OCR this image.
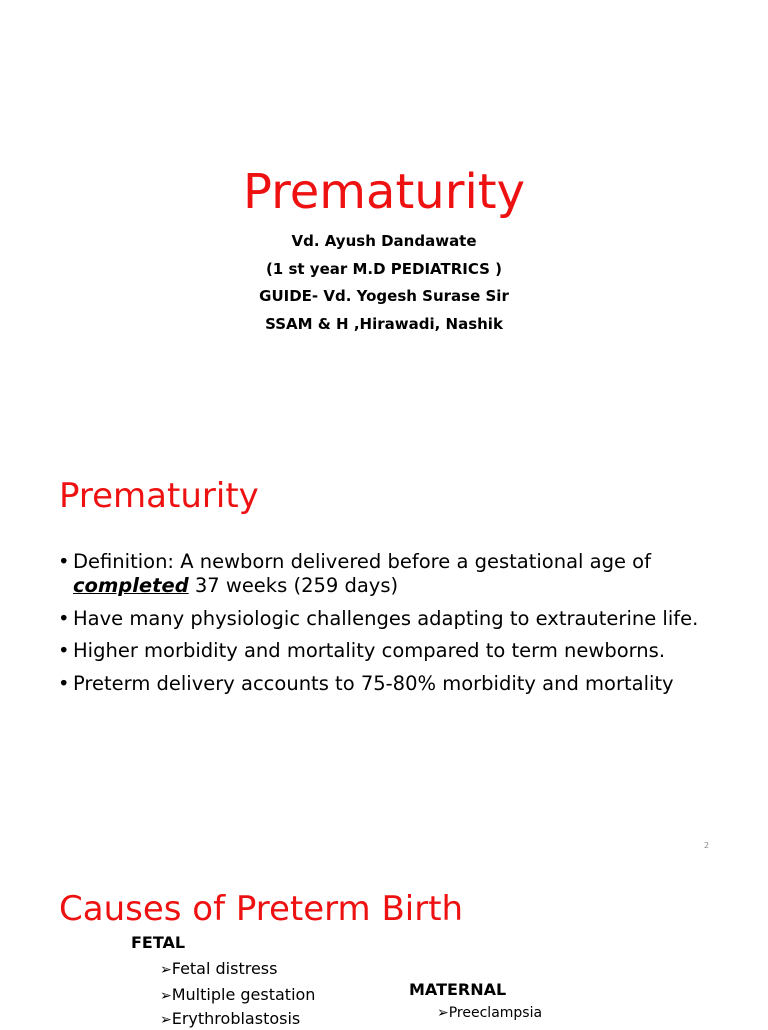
Prematurity
Vd. Ayush Dandawate
(1 st year M.D PEDIATRICS )
GUIDE- Vd. Yogesh Surase Sir
SSAM & H ,Hirawadi, Nashik
Prematurity
• Definition: A newborn delivered before a gestational age of
completed 37 weeks (259 days)
• Have many physiologic challenges adapting to extrauterine life.
• Higher morbidity and mortality compared to term newborns.
• Preterm delivery accounts to 75-80% morbidity and mortality
2
Causes of Preterm Birth
FETAL
➢Fetal distress
➢Multiple gestation
➢Erythroblastosis
MATERNAL
➢Preeclampsia
